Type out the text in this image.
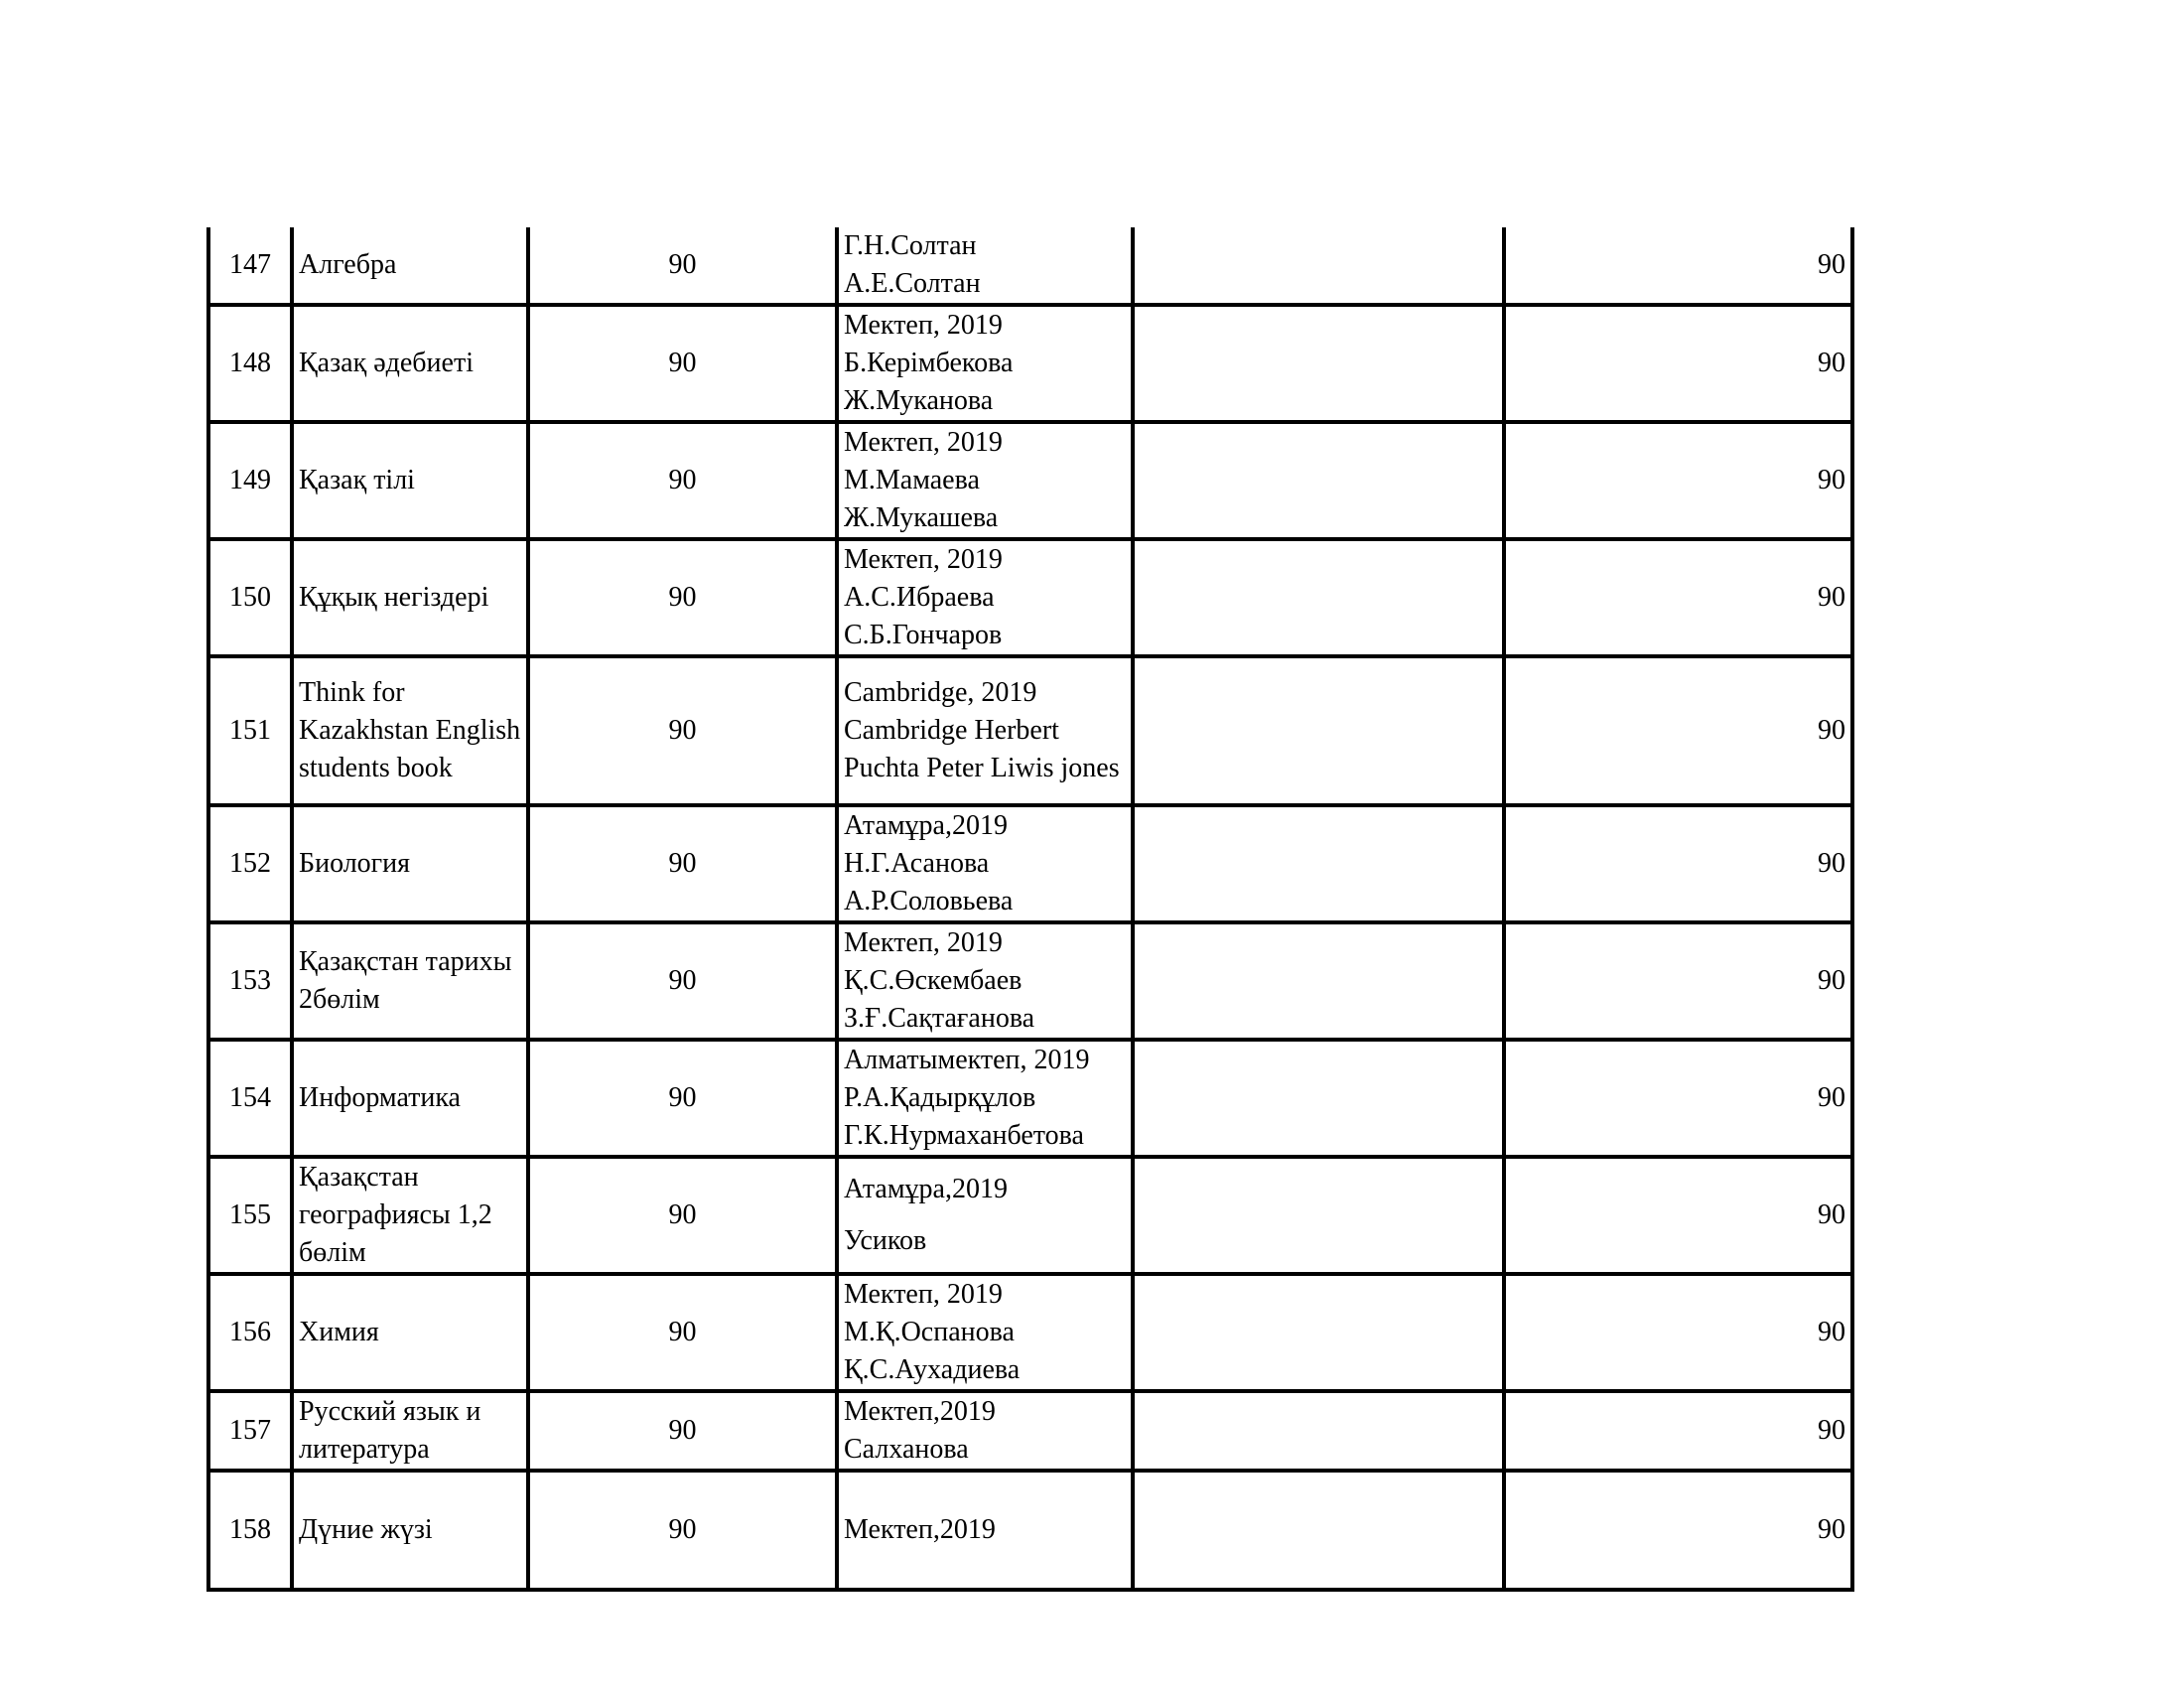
147	Алгебра	90	Г.Н.Солтан
А.Е.Солтан		90
148	Қазақ әдебиеті	90	Мектеп, 2019
Б.Керімбекова
Ж.Муканова		90
149	Қазақ тілі	90	Мектеп, 2019
М.Мамаева
Ж.Мукашева		90
150	Құқық негіздері	90	Мектеп, 2019
А.С.Ибраева
С.Б.Гончаров		90
151	Think for
Kazakhstan English
students book	90	Cambridge, 2019
Cambridge Herbert
Puchta Peter Liwis jones		90
152	Биология	90	Атамұра,2019
Н.Г.Асанова
А.Р.Соловьева		90
153	Қазақстан тарихы
2бөлім	90	Мектеп, 2019
Қ.С.Өскембаев
З.Ғ.Сақтағанова		90
154	Информатика	90	Алматымектеп, 2019
Р.А.Қадырқұлов
Г.К.Нурмаханбетова		90
155	Қазақстан
географиясы 1,2
бөлім	90	Атамұра,2019
Усиков		90
156	Химия	90	Мектеп, 2019
М.Қ.Оспанова
Қ.С.Аухадиева		90
157	Русский язык и
литература	90	Мектеп,2019
Салханова		90
158	Дүние жүзі	90	Мектеп,2019		90
